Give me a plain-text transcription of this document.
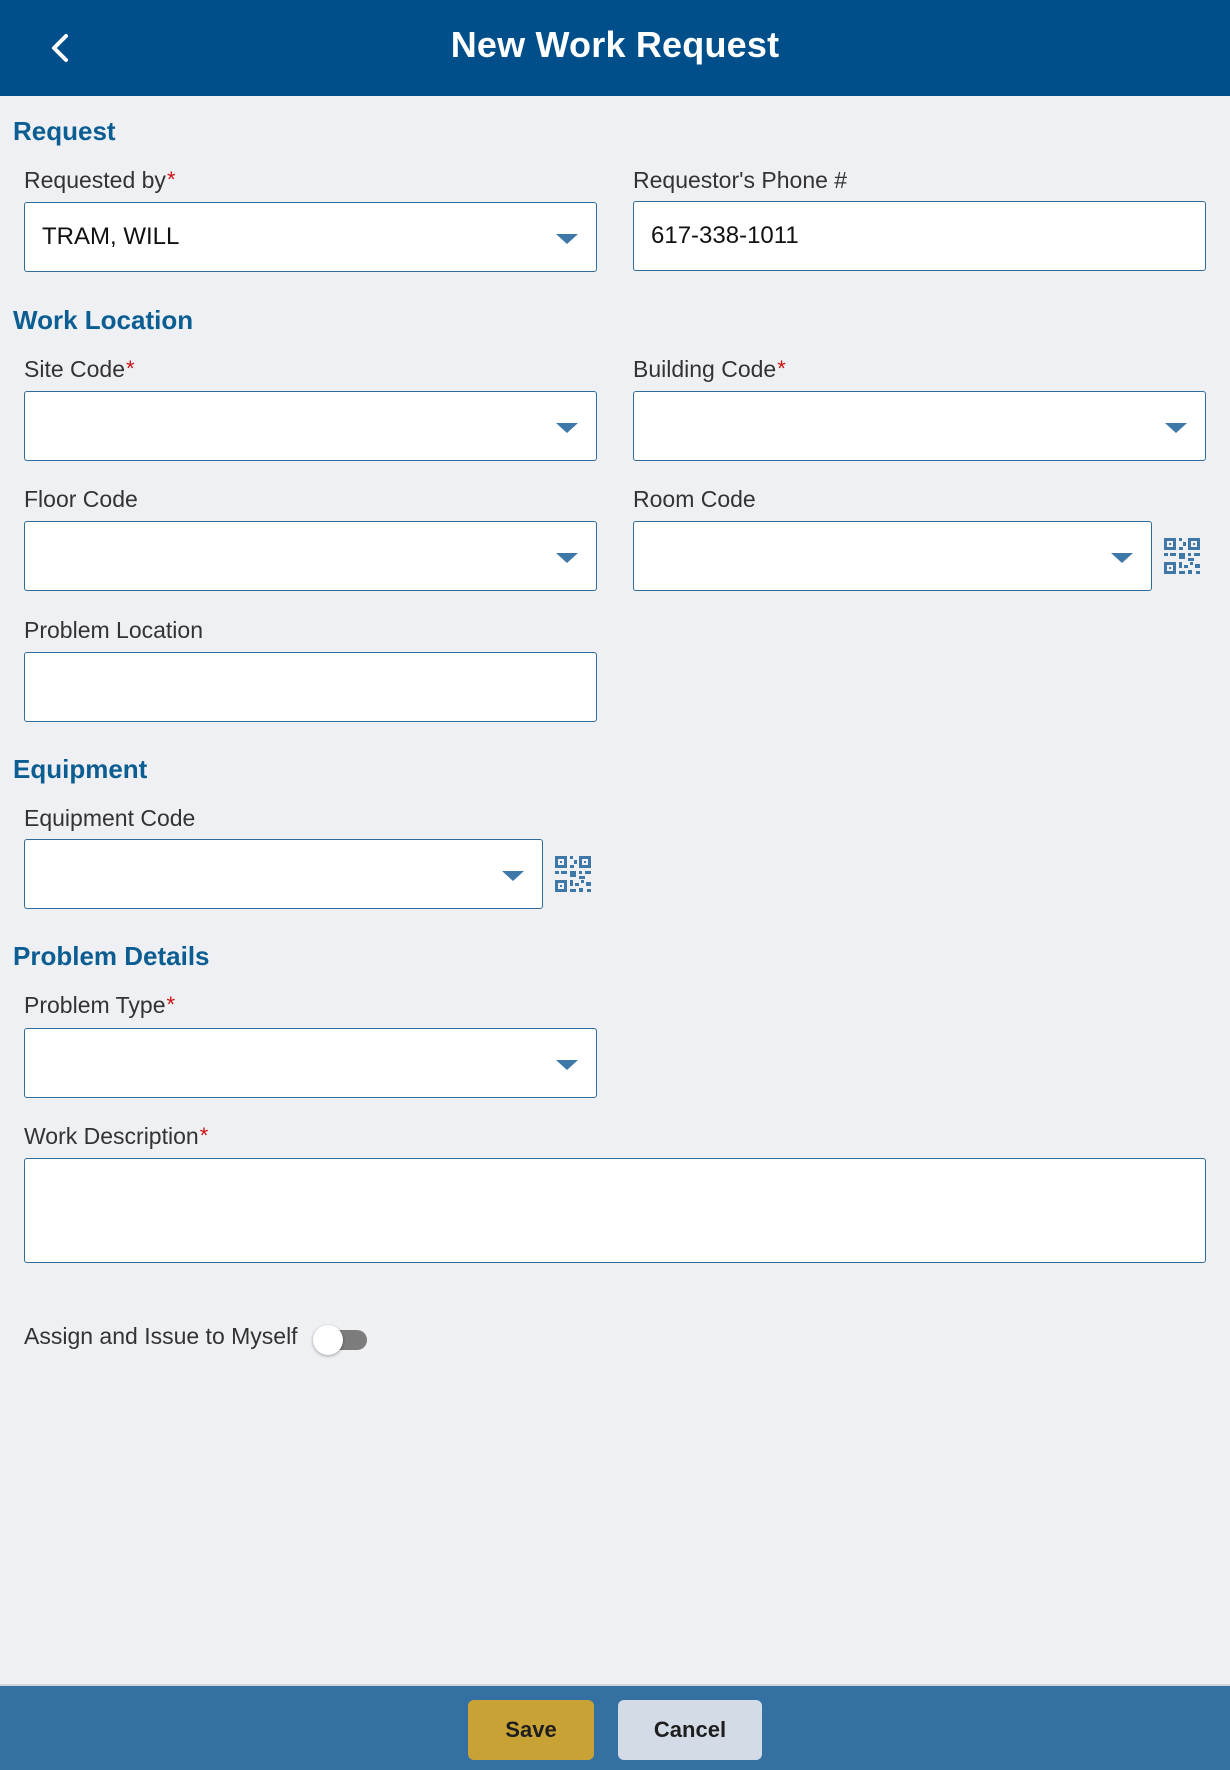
New Work Request
Request
Requested by*
TRAM, WILL
Requestor's Phone #
617-338-1011
Work Location
Site Code*	Building Code*
Floor Code	Room Code
Problem Location
Equipment
Equipment Code
Problem Details
Problem Type*
Work Description*
Assign and Issue to Myself
Save	Cancel
